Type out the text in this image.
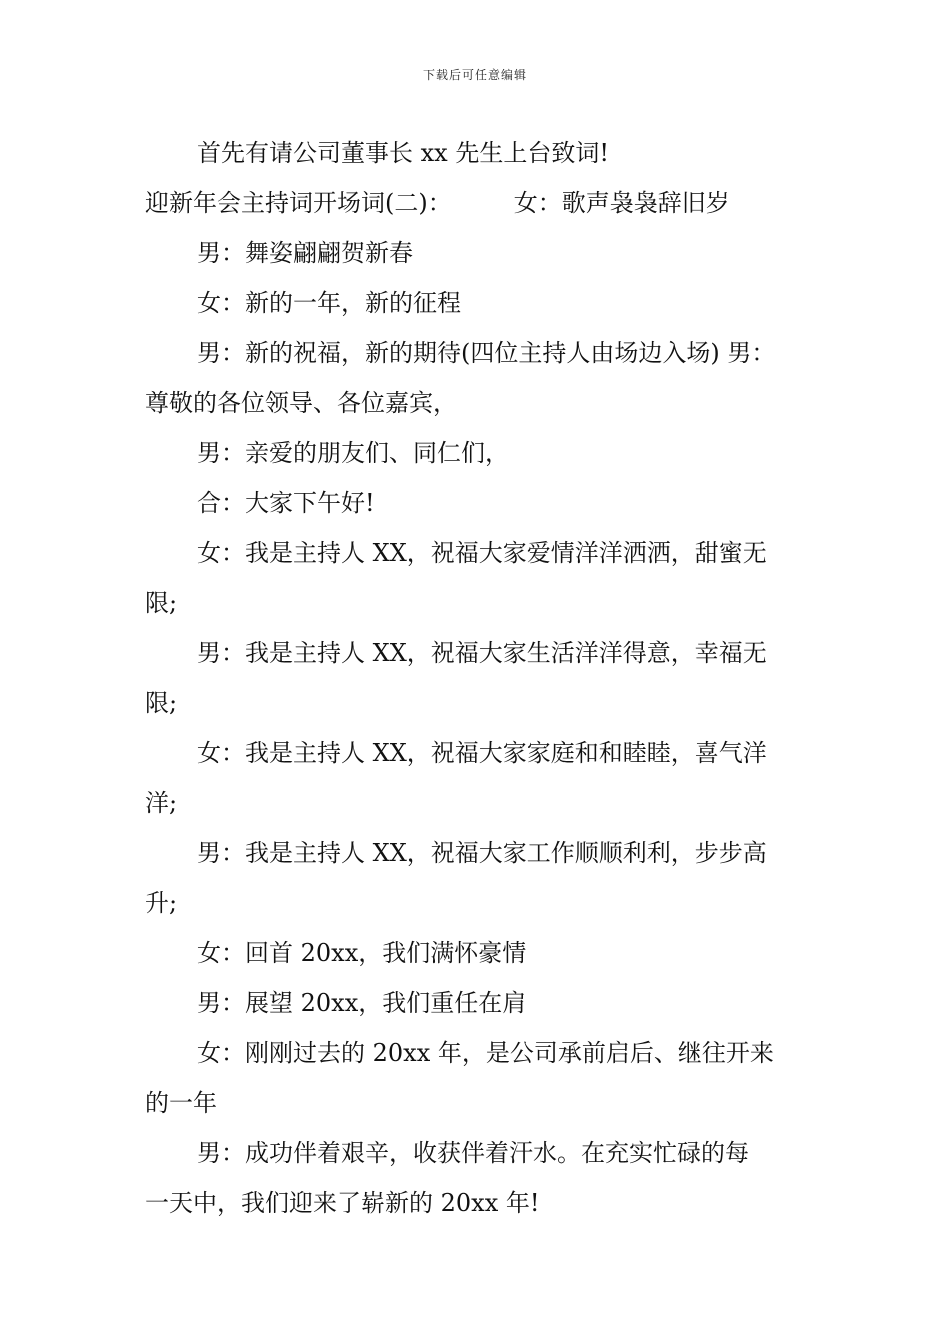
下载后可任意编辑
首先有请公司董事长 xx 先生上台致词!
迎新年会主持词开场词(二)：	女：歌声袅袅辞旧岁
男：舞姿翩翩贺新春
女：新的一年，新的征程
男：新的祝福，新的期待(四位主持人由场边入场) 男：
尊敬的各位领导、各位嘉宾，
男：亲爱的朋友们、同仁们，
合：大家下午好!
女：我是主持人 XX，祝福大家爱情洋洋洒洒，甜蜜无
限;
男：我是主持人 XX，祝福大家生活洋洋得意，幸福无
限;
女：我是主持人 XX，祝福大家家庭和和睦睦，喜气洋
洋;
男：我是主持人 XX，祝福大家工作顺顺利利，步步高
升;
女：回首 20xx，我们满怀豪情
男：展望 20xx，我们重任在肩
女：刚刚过去的 20xx 年，是公司承前启后、继往开来
的一年
男：成功伴着艰辛，收获伴着汗水。在充实忙碌的每
一天中，我们迎来了崭新的 20xx 年!
